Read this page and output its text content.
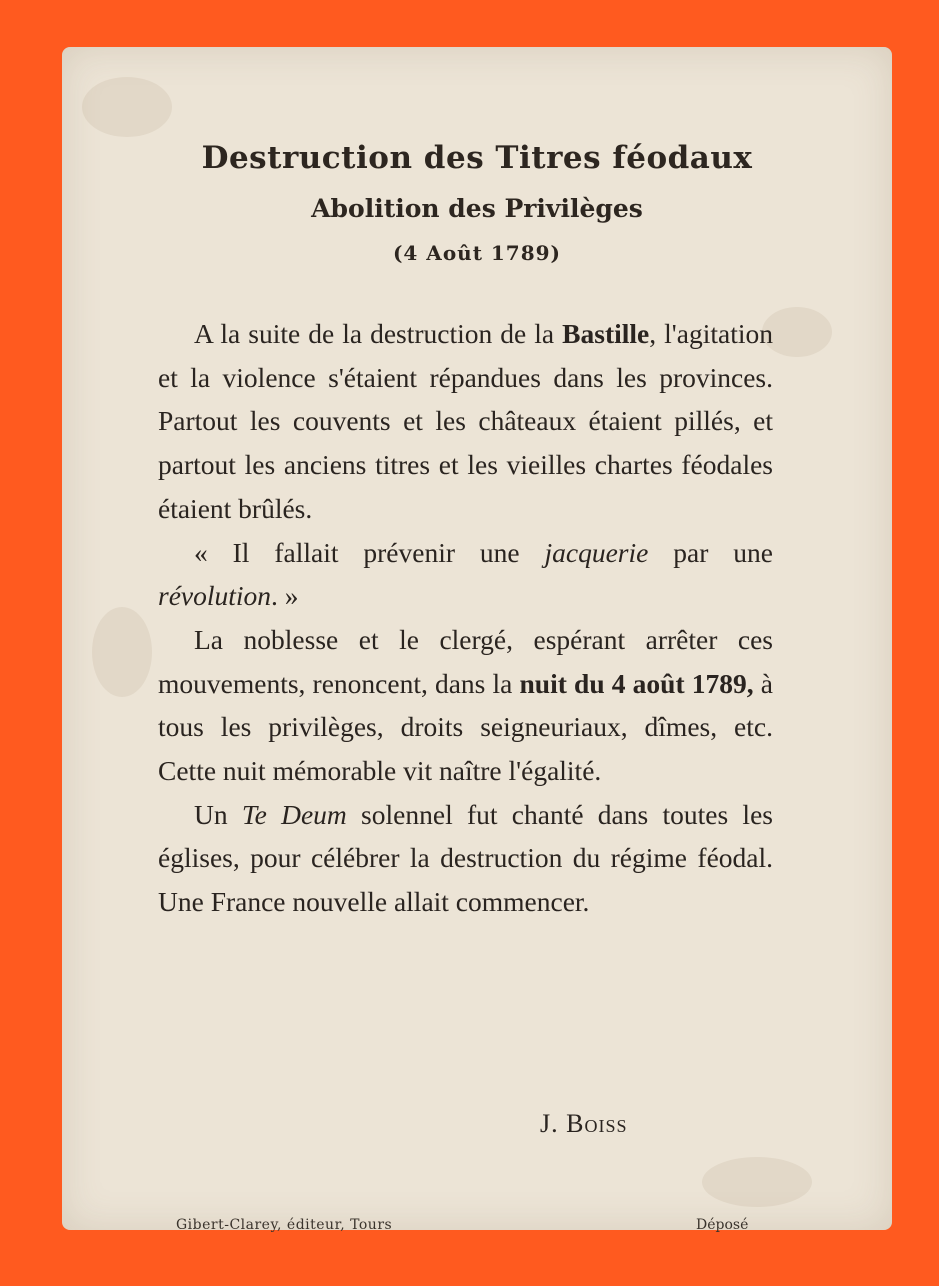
Destruction des Titres féodaux
Abolition des Privilèges
(4 Août 1789)

A la suite de la destruction de la Bastille, l'agitation et la violence s'étaient répandues dans les provinces. Partout les couvents et les châteaux étaient pillés, et partout les anciens titres et les vieilles chartes féodales étaient brûlés.

« Il fallait prévenir une jacquerie par une révolution. »

La noblesse et le clergé, espérant arrêter ces mouvements, renoncent, dans la nuit du 4 août 1789, à tous les privilèges, droits seigneuriaux, dîmes, etc. Cette nuit mémorable vit naître l'égalité.

Un Te Deum solennel fut chanté dans toutes les églises, pour célébrer la destruction du régime féodal. Une France nouvelle allait commencer.

J. Boiss
Gibert-Clarey, éditeur, Tours	Déposé
